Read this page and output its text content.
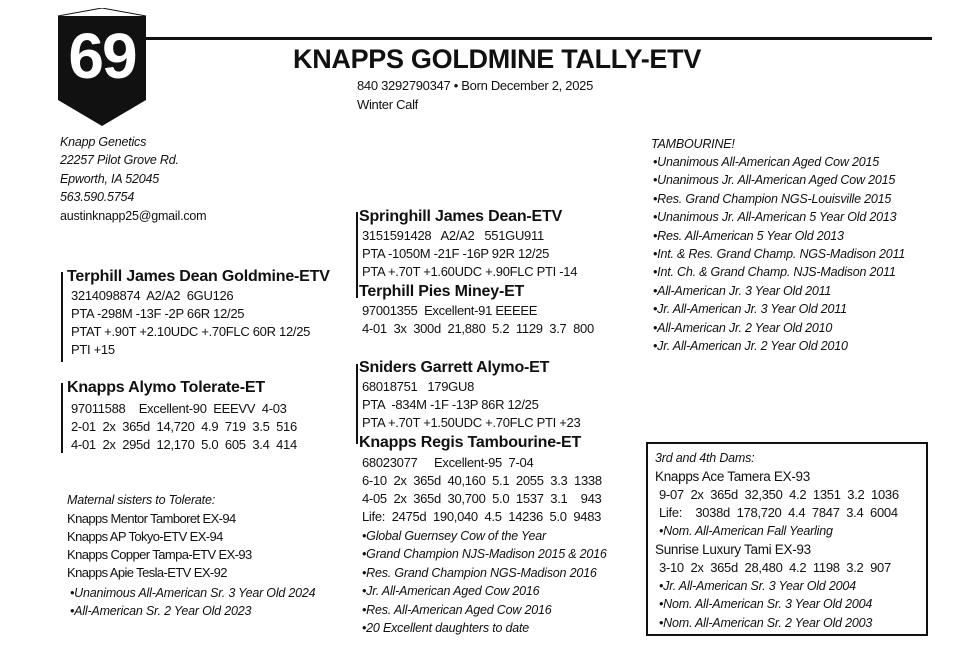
69	KNAPPS GOLDMINE TALLY-ETV
840 3292790347 • Born December 2, 2025
Winter Calf
Knapp Genetics
22257 Pilot Grove Rd.
Epworth, IA 52045
563.590.5754
austinknapp25@gmail.com
Terphill James Dean Goldmine-ETV
3214098874  A2/A2  6GU126
PTA -298M -13F -2P 66R 12/25
PTAT +.90T +2.10UDC +.70FLC 60R 12/25
PTI +15
Springhill James Dean-ETV
3151591428   A2/A2   551GU911
PTA -1050M -21F -16P 92R 12/25
PTA +.70T +1.60UDC +.90FLC PTI -14
Terphill Pies Miney-ET
97001355  Excellent-91 EEEEE
4-01  3x  300d  21,880  5.2  1129  3.7  800
Knapps Alymo Tolerate-ET
97011588    Excellent-90  EEEVV  4-03
2-01  2x  365d  14,720  4.9  719  3.5  516
4-01  2x  295d  12,170  5.0  605  3.4  414
Sniders Garrett Alymo-ET
68018751   179GU8
PTA  -834M -1F -13P 86R 12/25
PTA +.70T +1.50UDC +.70FLC PTI +23
Knapps Regis Tambourine-ET
68023077     Excellent-95  7-04
6-10  2x  365d  40,160  5.1  2055  3.3  1338
4-05  2x  365d  30,700  5.0  1537  3.1    943
Life:  2475d  190,040  4.5  14236  5.0  9483
•Global Guernsey Cow of the Year
•Grand Champion NJS-Madison 2015 & 2016
•Res. Grand Champion NGS-Madison 2016
•Jr. All-American Aged Cow 2016
•Res. All-American Aged Cow 2016
•20 Excellent daughters to date
Maternal sisters to Tolerate:
Knapps Mentor Tamboret EX-94
Knapps AP Tokyo-ETV EX-94
Knapps Copper Tampa-ETV EX-93
Knapps Apie Tesla-ETV EX-92
•Unanimous All-American Sr. 3 Year Old 2024
•All-American Sr. 2 Year Old 2023
TAMBOURINE!
•Unanimous All-American Aged Cow 2015
•Unanimous Jr. All-American Aged Cow 2015
•Res. Grand Champion NGS-Louisville 2015
•Unanimous Jr. All-American 5 Year Old 2013
•Res. All-American 5 Year Old 2013
•Int. & Res. Grand Champ. NGS-Madison 2011
•Int. Ch. & Grand Champ. NJS-Madison 2011
•All-American Jr. 3 Year Old 2011
•Jr. All-American Jr. 3 Year Old 2011
•All-American Jr. 2 Year Old 2010
•Jr. All-American Jr. 2 Year Old 2010
3rd and 4th Dams:
Knapps Ace Tamera EX-93
9-07  2x  365d  32,350  4.2  1351  3.2  1036
Life:    3038d  178,720  4.4  7847  3.4  6004
•Nom. All-American Fall Yearling
Sunrise Luxury Tami EX-93
3-10  2x  365d  28,480  4.2  1198  3.2  907
•Jr. All-American Sr. 3 Year Old 2004
•Nom. All-American Sr. 3 Year Old 2004
•Nom. All-American Sr. 2 Year Old 2003
